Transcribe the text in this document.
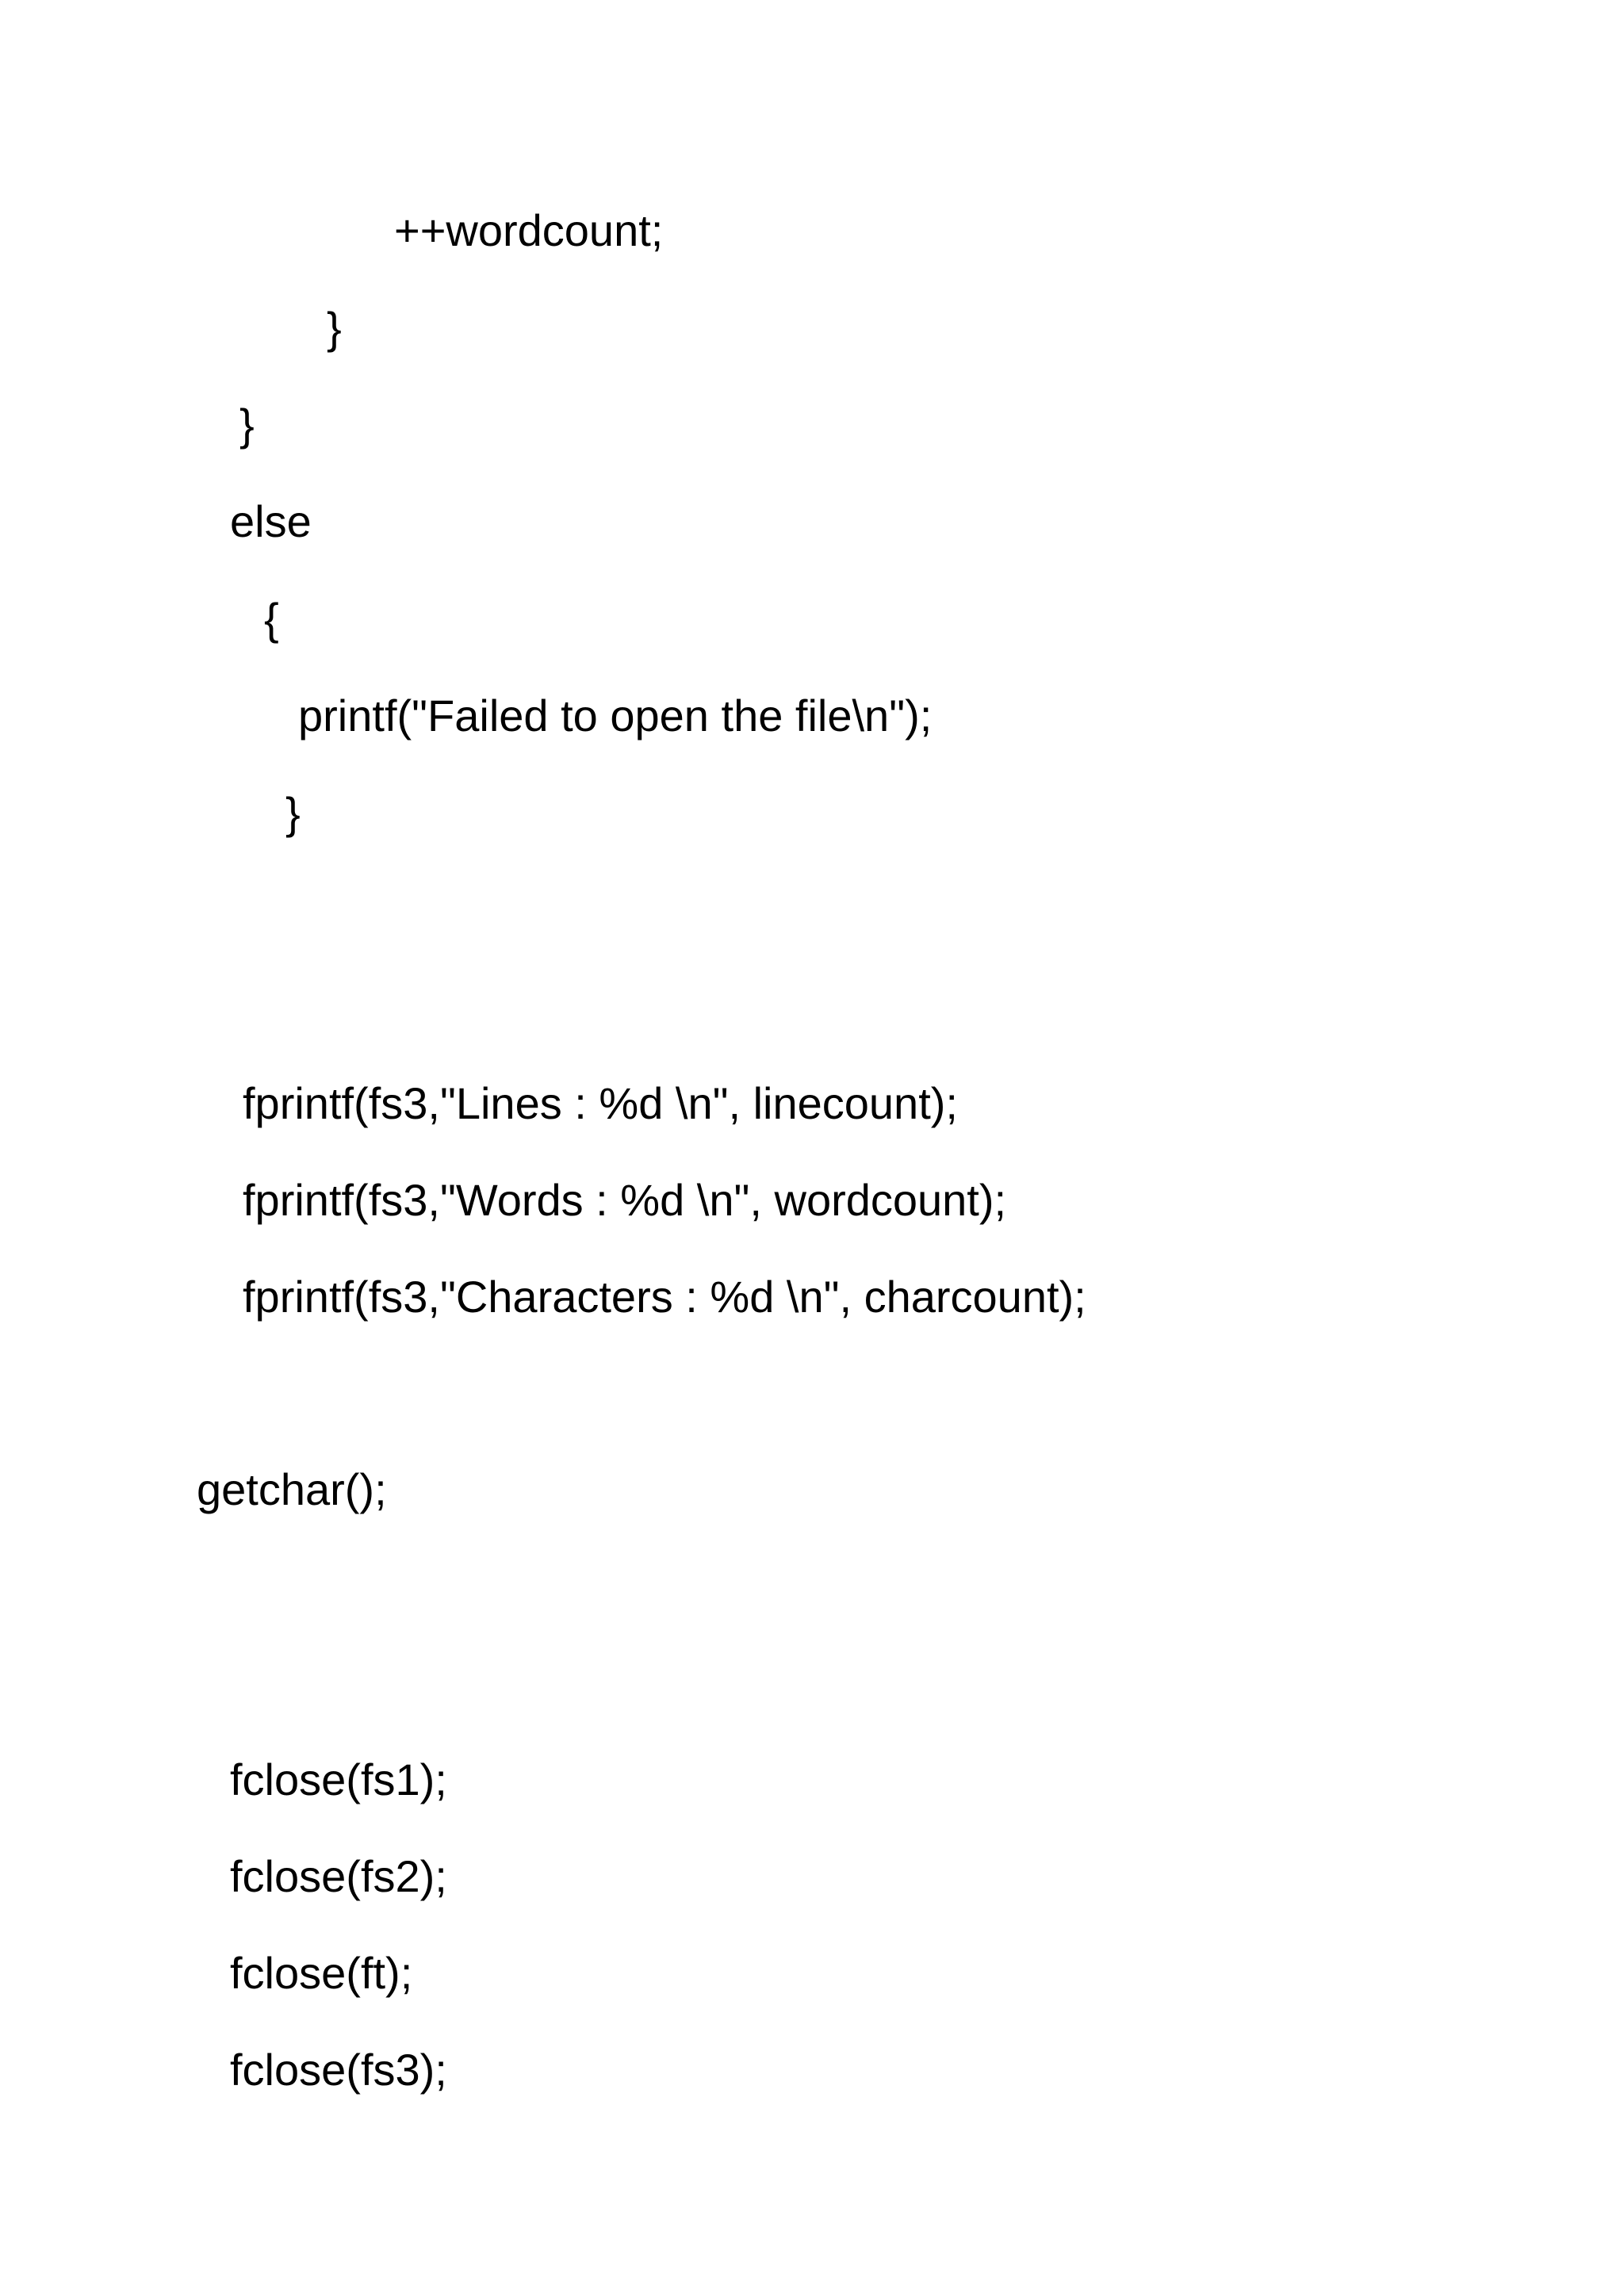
++wordcount;
}
}
else
{
printf("Failed to open the file\n");
}
fprintf(fs3,"Lines : %d \n", linecount);
fprintf(fs3,"Words : %d \n", wordcount);
fprintf(fs3,"Characters : %d \n", charcount);
getchar();
fclose(fs1);
fclose(fs2);
fclose(ft);
fclose(fs3);
